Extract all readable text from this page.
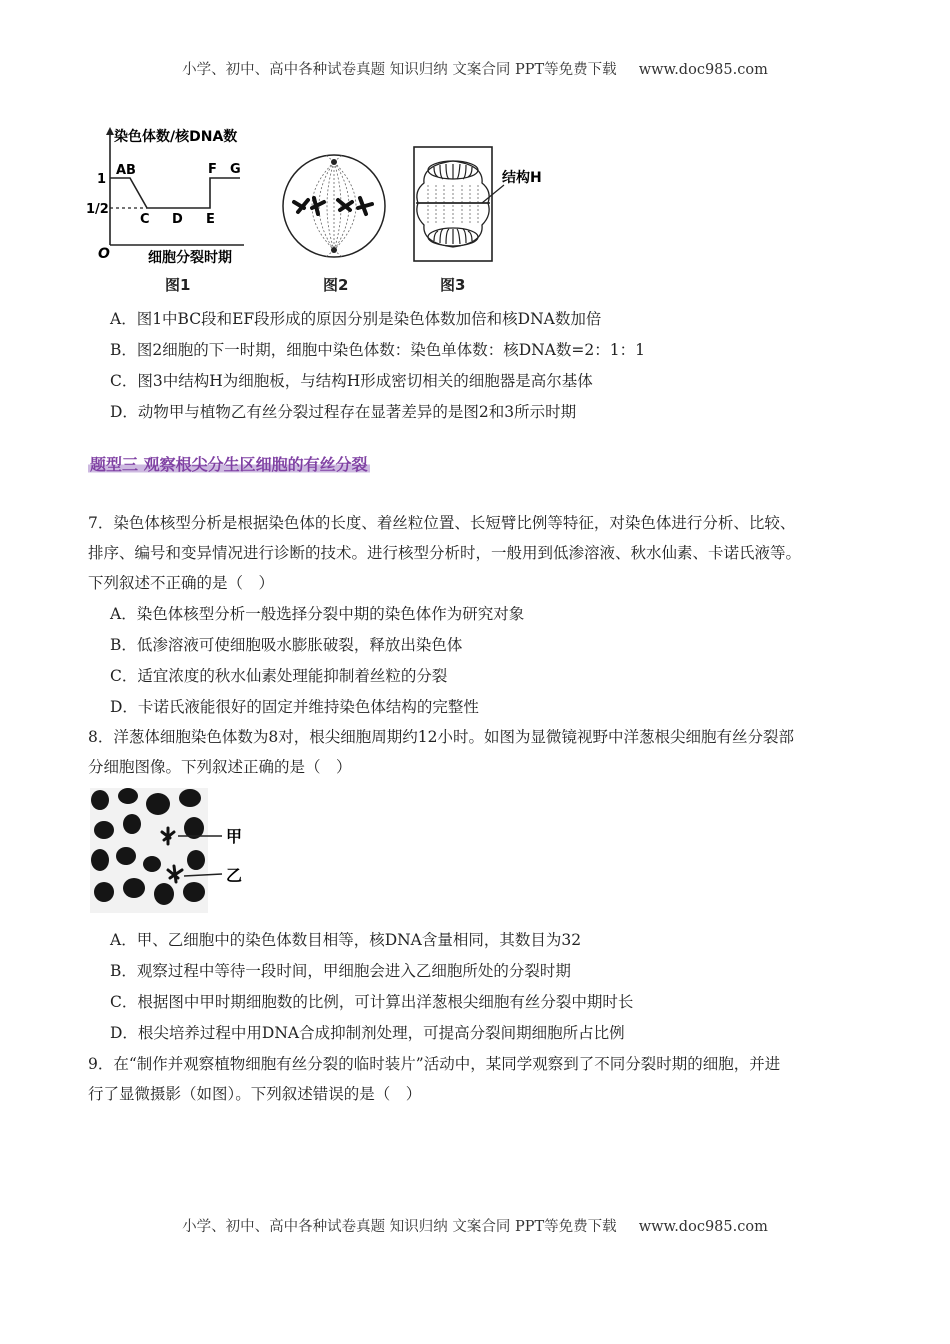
小学、初中、高中各种试卷真题 知识归纳 文案合同 PPT等免费下载 www.doc985.com
染色体数/核DNA数
1
1/2
O
AB
C D E
F G
细胞分裂时期
图1	图2
结构H
图3
A．图1中BC段和EF段形成的原因分别是染色体数加倍和核DNA数加倍
B．图2细胞的下一时期，细胞中染色体数：染色单体数：核DNA数=2：1：1
C．图3中结构H为细胞板，与结构H形成密切相关的细胞器是高尔基体
D．动物甲与植物乙有丝分裂过程存在显著差异的是图2和3所示时期
题型三 观察根尖分生区细胞的有丝分裂
7．染色体核型分析是根据染色体的长度、着丝粒位置、长短臂比例等特征，对染色体进行分析、比较、
排序、编号和变异情况进行诊断的技术。进行核型分析时，一般用到低渗溶液、秋水仙素、卡诺氏液等。
下列叙述不正确的是（　）
A．染色体核型分析一般选择分裂中期的染色体作为研究对象
B．低渗溶液可使细胞吸水膨胀破裂，释放出染色体
C．适宜浓度的秋水仙素处理能抑制着丝粒的分裂
D．卡诺氏液能很好的固定并维持染色体结构的完整性
8．洋葱体细胞染色体数为8对，根尖细胞周期约12小时。如图为显微镜视野中洋葱根尖细胞有丝分裂部
分细胞图像。下列叙述正确的是（　）
甲
乙
A．甲、乙细胞中的染色体数目相等，核DNA含量相同，其数目为32
B．观察过程中等待一段时间，甲细胞会进入乙细胞所处的分裂时期
C．根据图中甲时期细胞数的比例，可计算出洋葱根尖细胞有丝分裂中期时长
D．根尖培养过程中用DNA合成抑制剂处理，可提高分裂间期细胞所占比例
9．在“制作并观察植物细胞有丝分裂的临时装片”活动中，某同学观察到了不同分裂时期的细胞，并进
行了显微摄影（如图）。下列叙述错误的是（　）
小学、初中、高中各种试卷真题 知识归纳 文案合同 PPT等免费下载 www.doc985.com
